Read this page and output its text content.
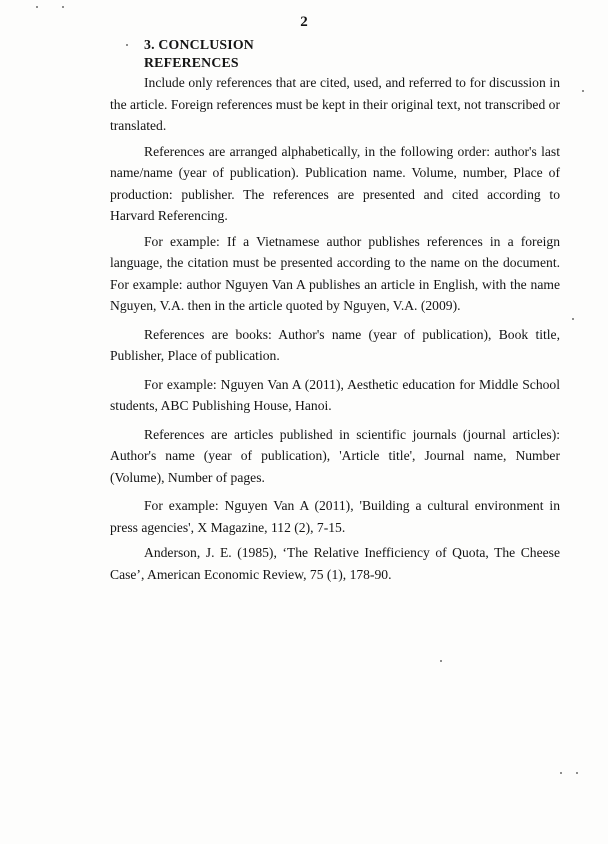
2
3. CONCLUSION
REFERENCES

Include only references that are cited, used, and referred to for discussion in the article. Foreign references must be kept in their original text, not transcribed or translated.

References are arranged alphabetically, in the following order: author's last name/name (year of publication). Publication name. Volume, number, Place of production: publisher. The references are presented and cited according to Harvard Referencing.

For example: If a Vietnamese author publishes references in a foreign language, the citation must be presented according to the name on the document. For example: author Nguyen Van A publishes an article in English, with the name Nguyen, V.A. then in the article quoted by Nguyen, V.A. (2009).

References are books: Author's name (year of publication), Book title, Publisher, Place of publication.

For example: Nguyen Van A (2011), Aesthetic education for Middle School students, ABC Publishing House, Hanoi.

References are articles published in scientific journals (journal articles): Author's name (year of publication), 'Article title', Journal name, Number (Volume), Number of pages.

For example: Nguyen Van A (2011), 'Building a cultural environment in press agencies', X Magazine, 112 (2), 7-15.

Anderson, J. E. (1985), ‘The Relative Inefficiency of Quota, The Cheese Case’, American Economic Review, 75 (1), 178-90.
